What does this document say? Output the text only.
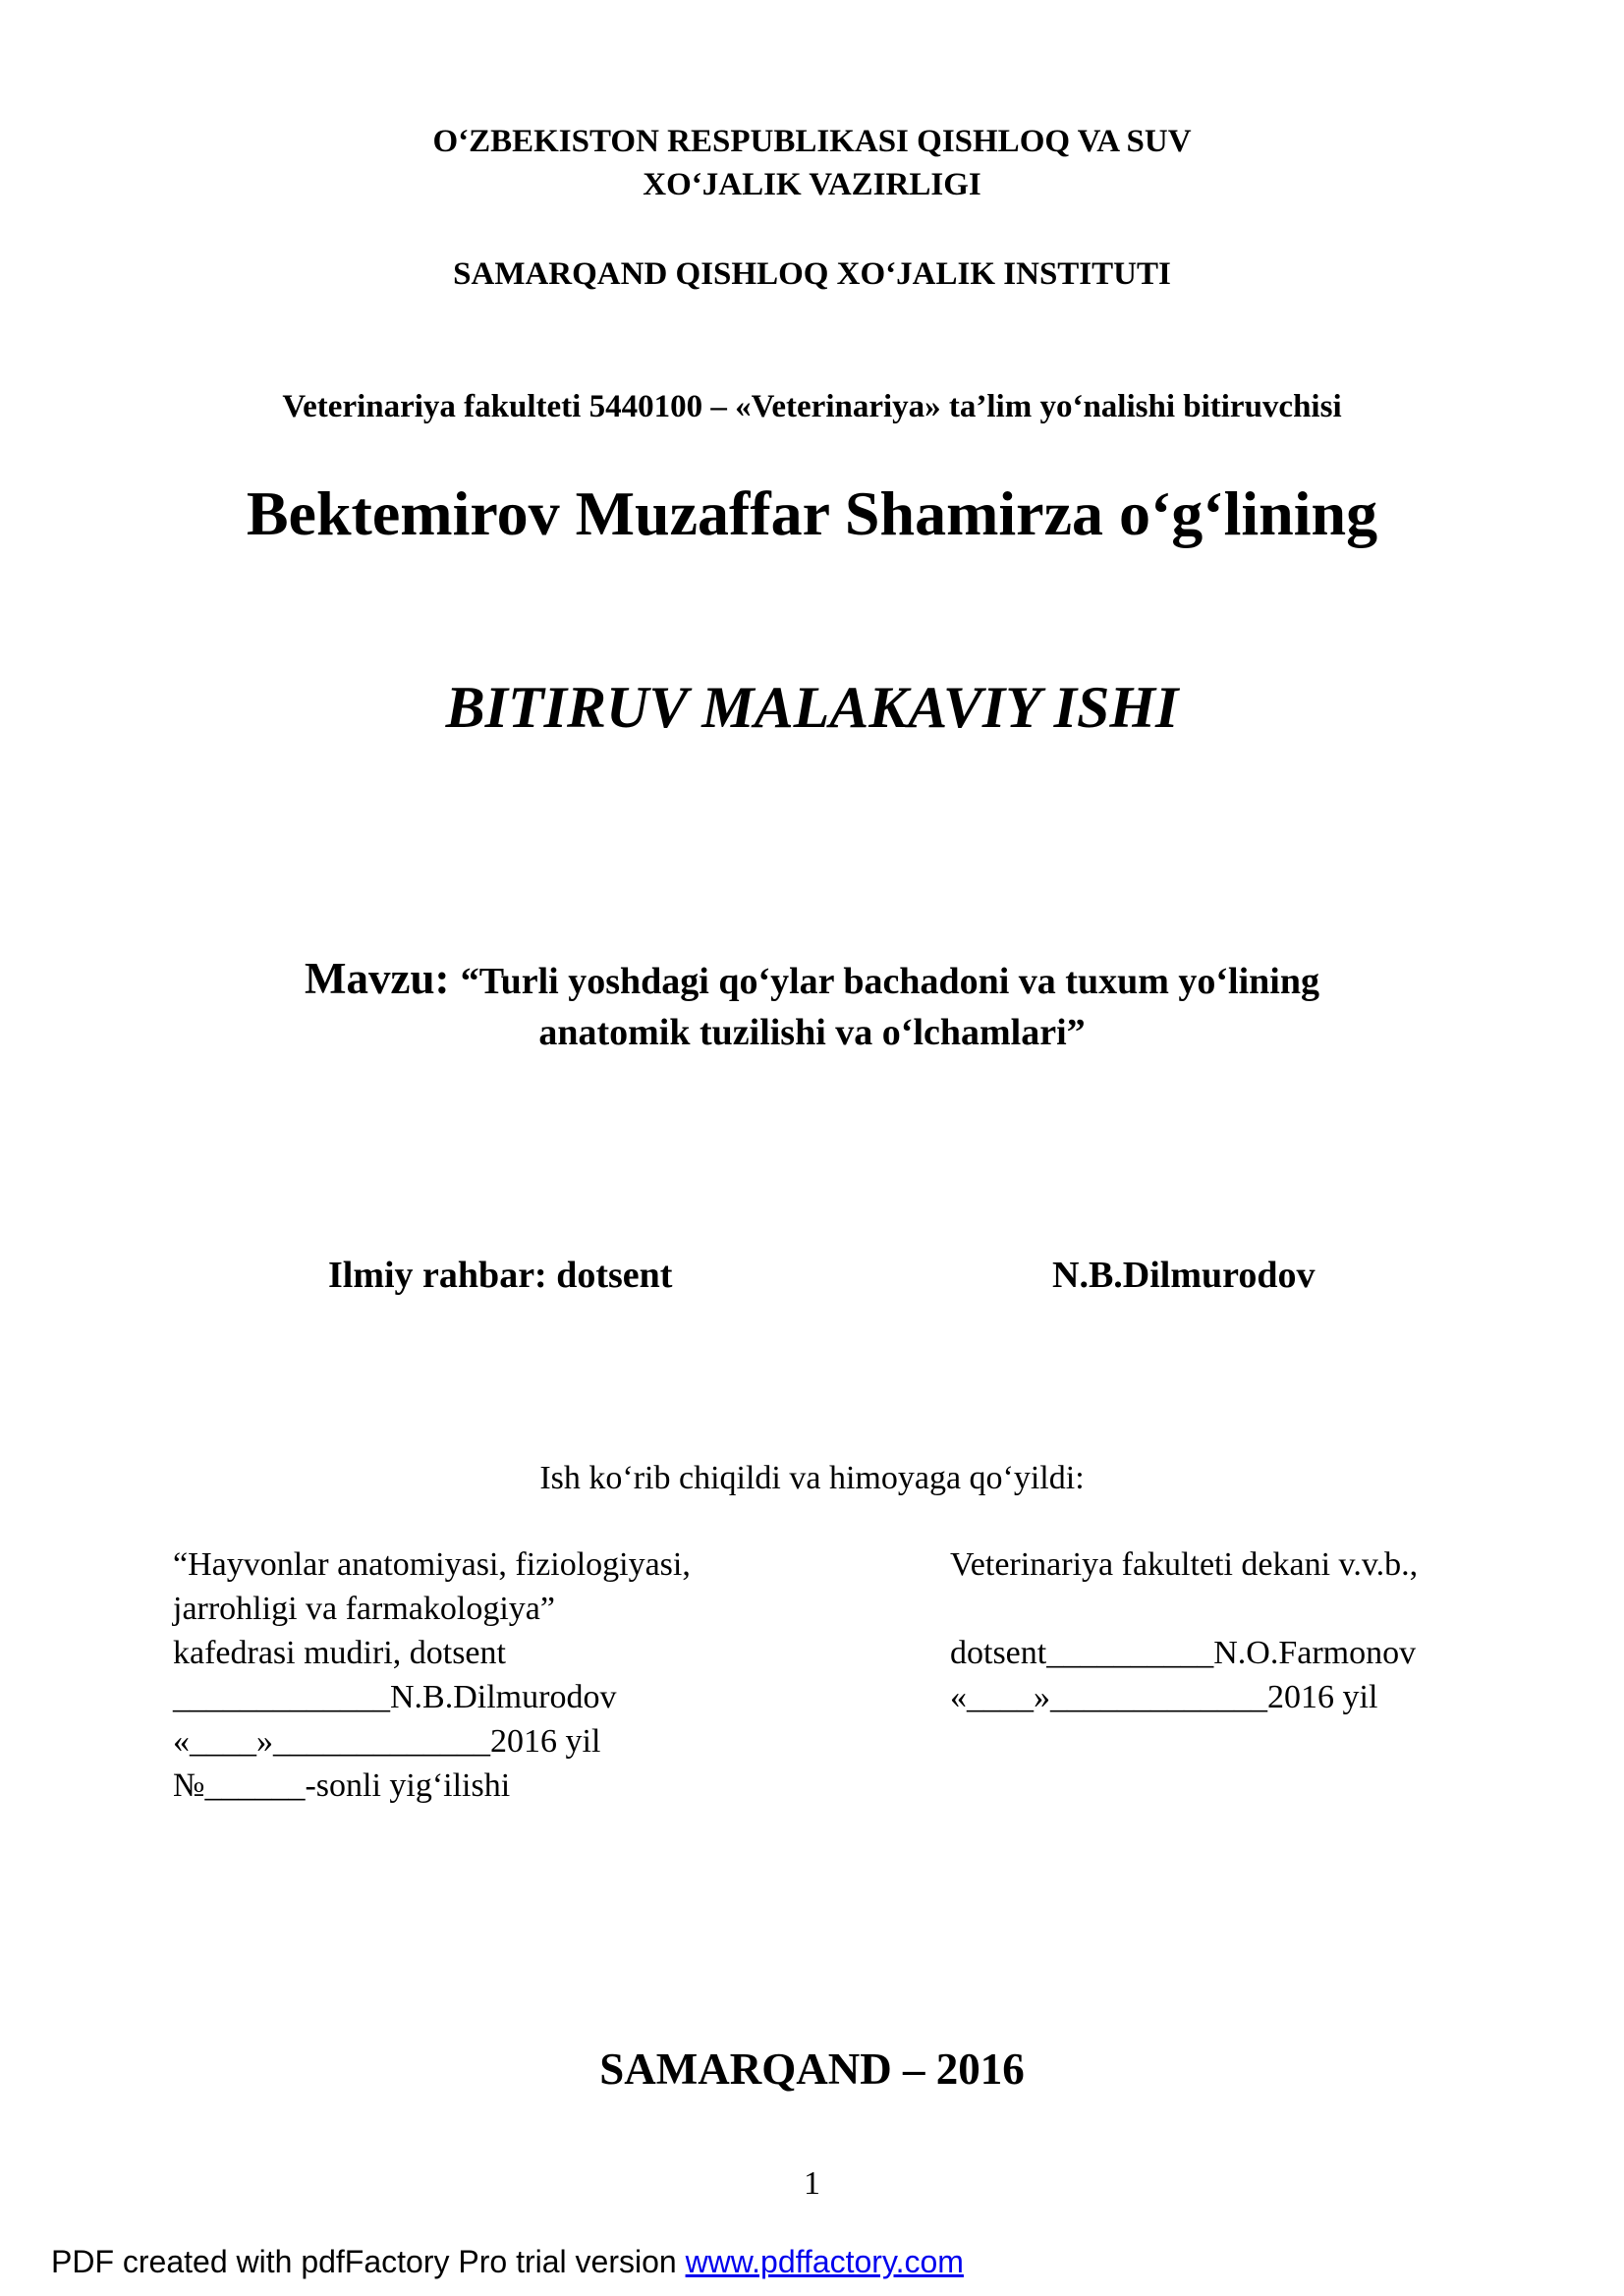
O‘ZBEKISTON RESPUBLIKASI QISHLOQ VA SUV
XO‘JALIK VAZIRLIGI
SAMARQAND QISHLOQ XO‘JALIK INSTITUTI
Veterinariya fakulteti 5440100 – «Veterinariya» ta’lim yo‘nalishi bitiruvchisi
Bektemirov Muzaffar Shamirza o‘g‘lining
BITIRUV MALAKAVIY ISHI
Mavzu: “Turli yoshdagi qo‘ylar bachadoni va tuxum yo‘lining
anatomik tuzilishi va o‘lchamlari”
Ilmiy rahbar: dotsent	N.B.Dilmurodov
Ish ko‘rib chiqildi va himoyaga qo‘yildi:
“Hayvonlar anatomiyasi, fiziologiyasi,
jarrohligi va farmakologiya”
kafedrasi mudiri, dotsent
_____________N.B.Dilmurodov
«____»_____________2016 yil
№______-sonli yig‘ilishi
Veterinariya fakulteti dekani v.v.b.,
dotsent__________N.O.Farmonov
«____»_____________2016 yil
SAMARQAND – 2016
1
PDF created with pdfFactory Pro trial version www.pdffactory.com
